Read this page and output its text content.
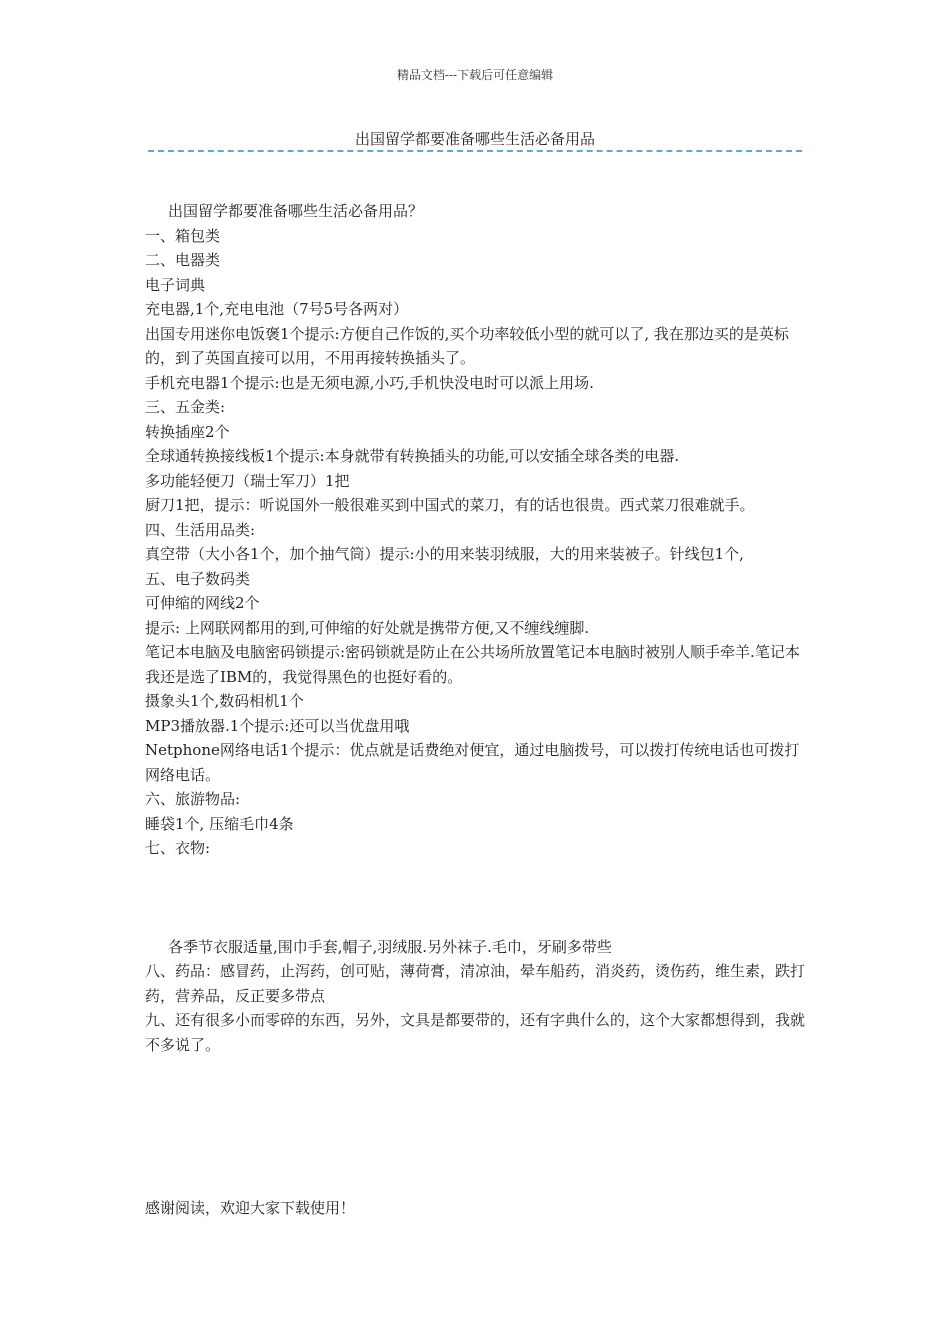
精品文档---下载后可任意编辑
出国留学都要准备哪些生活必备用品

出国留学都要准备哪些生活必备用品？

一、箱包类

二、电器类

电子词典

充电器,1个,充电电池（7号5号各两对）

出国专用迷你电饭褒1个提示:方便自己作饭的,买个功率较低小型的就可以了, 我在那边买的是英标的，到了英国直接可以用，不用再接转换插头了。

手机充电器1个提示:也是无须电源,小巧,手机快没电时可以派上用场.

三、五金类:

转换插座2个

全球通转换接线板1个提示:本身就带有转换插头的功能,可以安插全球各类的电器.

多功能轻便刀（瑞士军刀）1把

厨刀1把，提示：听说国外一般很难买到中国式的菜刀，有的话也很贵。西式菜刀很难就手。

四、生活用品类:

真空带（大小各1个，加个抽气筒）提示:小的用来装羽绒服，大的用来装被子。针线包1个,

五、电子数码类

可伸缩的网线2个

提示: 上网联网都用的到,可伸缩的好处就是携带方便,又不缠线缠脚.

笔记本电脑及电脑密码锁提示:密码锁就是防止在公共场所放置笔记本电脑时被别人顺手牵羊.笔记本我还是选了IBM的，我觉得黑色的也挺好看的。

摄象头1个,数码相机1个

MP3播放器.1个提示:还可以当优盘用哦

Netphone网络电话1个提示：优点就是话费绝对便宜，通过电脑拨号，可以拨打传统电话也可拨打网络电话。

六、旅游物品:

睡袋1个, 压缩毛巾4条

七、衣物:

各季节衣服适量,围巾手套,帽子,羽绒服.另外袜子.毛巾，牙刷多带些

八、药品：感冒药，止泻药，创可贴，薄荷膏，清凉油，晕车船药，消炎药，烫伤药，维生素，跌打药，营养品，反正要多带点

九、还有很多小而零碎的东西，另外，文具是都要带的，还有字典什么的，这个大家都想得到，我就不多说了。

感谢阅读，欢迎大家下载使用！
